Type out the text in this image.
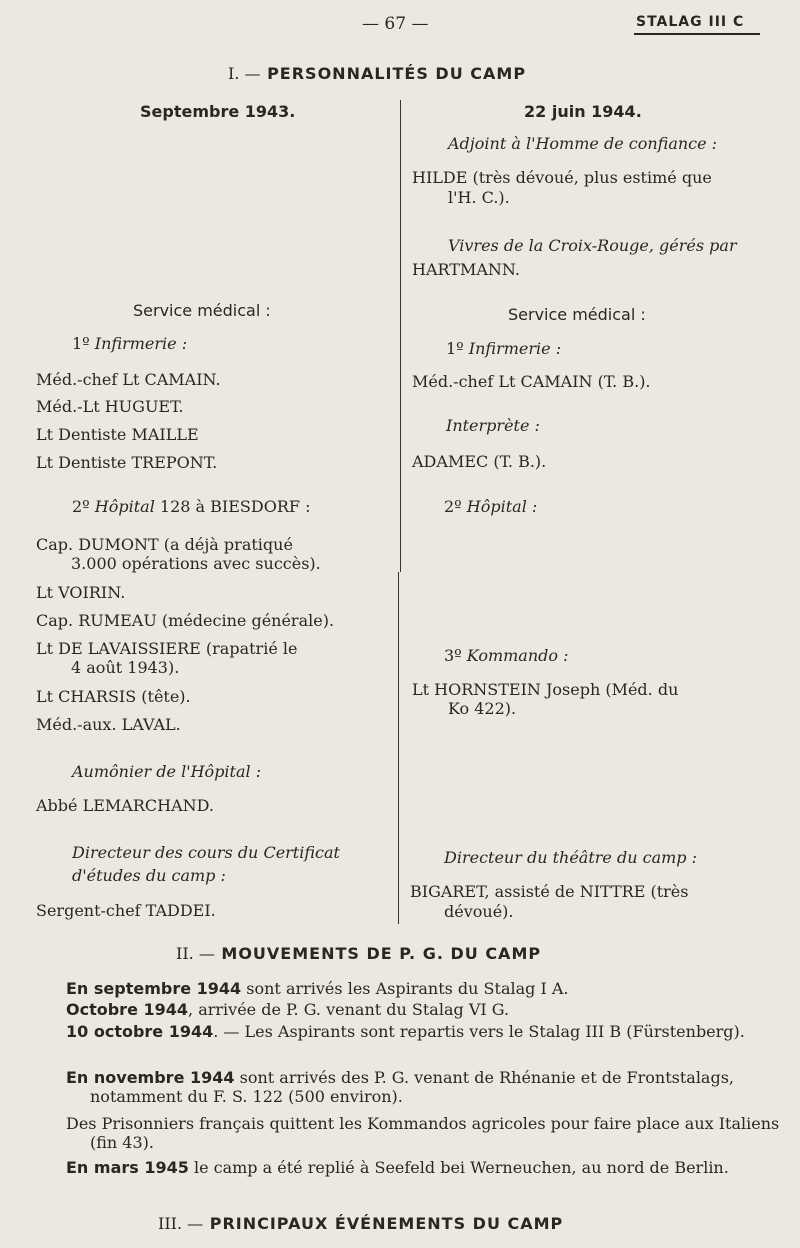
— 67 —	STALAG III C
I. — PERSONNALITÉS DU CAMP
Septembre 1943.
Service médical :
1º Infirmerie :
Méd.-chef Lt CAMAIN.
Méd.-Lt HUGUET.
Lt Dentiste MAILLE
Lt Dentiste TREPONT.
2º Hôpital 128 à BIESDORF :
Cap. DUMONT (a déjà pratiqué
3.000 opérations avec succès).
Lt VOIRIN.
Cap. RUMEAU (médecine générale).
Lt DE LAVAISSIERE (rapatrié le
4 août 1943).
Lt CHARSIS (tête).
Méd.-aux. LAVAL.
Aumônier de l'Hôpital :
Abbé LEMARCHAND.
Directeur des cours du Certificat
d'études du camp :
Sergent-chef TADDEI.
22 juin 1944.
Adjoint à l'Homme de confiance :
HILDE (très dévoué, plus estimé que
l'H. C.).
Vivres de la Croix-Rouge, gérés par
HARTMANN.
Service médical :
1º Infirmerie :
Méd.-chef Lt CAMAIN (T. B.).
Interprète :
ADAMEC (T. B.).
2º Hôpital :
3º Kommando :
Lt HORNSTEIN Joseph (Méd. du
Ko 422).
Directeur du théâtre du camp :
BIGARET, assisté de NITTRE (très
dévoué).
II. — MOUVEMENTS DE P. G. DU CAMP
En septembre 1944 sont arrivés les Aspirants du Stalag I A.
Octobre 1944, arrivée de P. G. venant du Stalag VI G.
10 octobre 1944. — Les Aspirants sont repartis vers le Stalag III B (Fürstenberg).
En novembre 1944 sont arrivés des P. G. venant de Rhénanie et de Frontstalags, notamment du F. S. 122 (500 environ).
Des Prisonniers français quittent les Kommandos agricoles pour faire place aux Italiens (fin 43).
En mars 1945 le camp a été replié à Seefeld bei Werneuchen, au nord de Berlin.
III. — PRINCIPAUX ÉVÉNEMENTS DU CAMP
